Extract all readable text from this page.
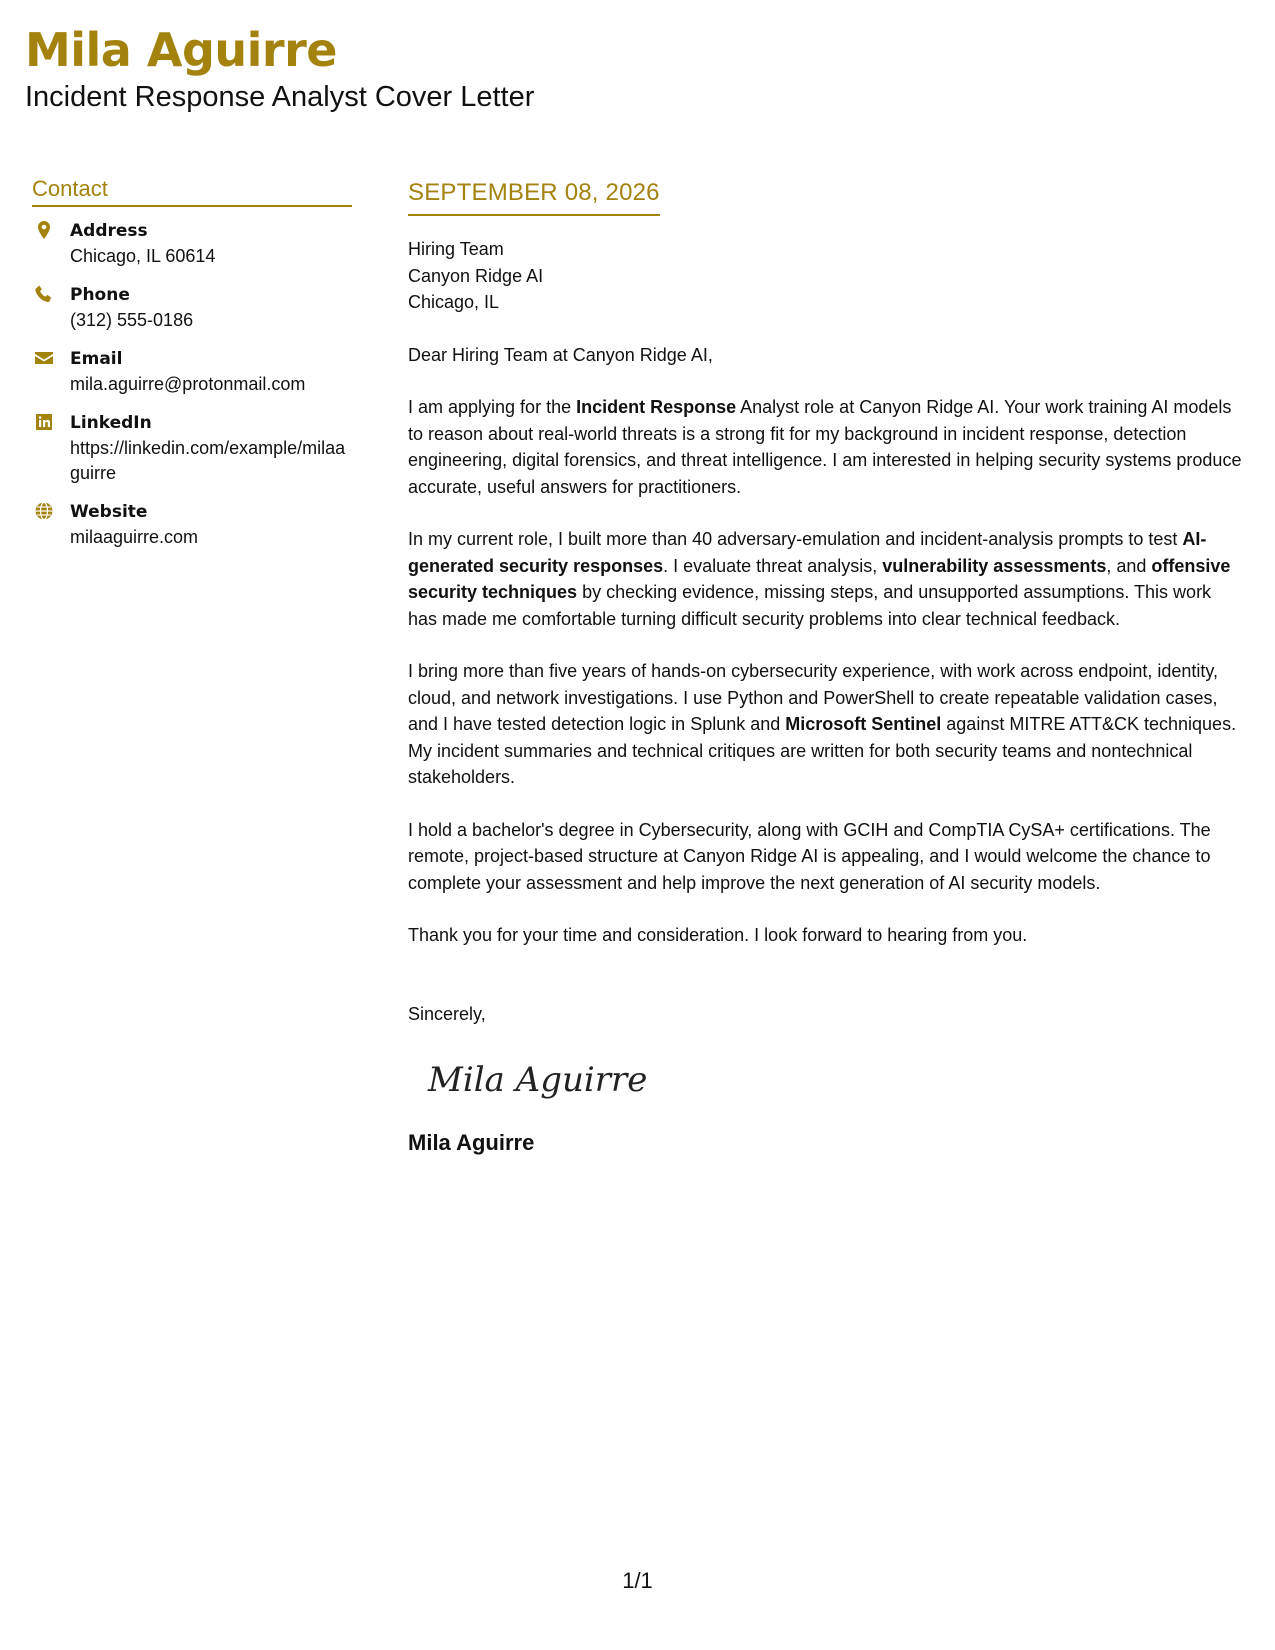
Mila Aguirre
Incident Response Analyst Cover Letter
Contact
Address
Chicago, IL 60614
Phone
(312) 555-0186
Email
mila.aguirre@protonmail.com
LinkedIn
https://linkedin.com/example/milaaguirre
Website
milaaguirre.com
SEPTEMBER 08, 2026
Hiring Team
Canyon Ridge AI
Chicago, IL

Dear Hiring Team at Canyon Ridge AI,

I am applying for the Incident Response Analyst role at Canyon Ridge AI. Your work training AI models to reason about real-world threats is a strong fit for my background in incident response, detection engineering, digital forensics, and threat intelligence. I am interested in helping security systems produce accurate, useful answers for practitioners.

In my current role, I built more than 40 adversary-emulation and incident-analysis prompts to test AI-generated security responses. I evaluate threat analysis, vulnerability assessments, and offensive security techniques by checking evidence, missing steps, and unsupported assumptions. This work has made me comfortable turning difficult security problems into clear technical feedback.

I bring more than five years of hands-on cybersecurity experience, with work across endpoint, identity, cloud, and network investigations. I use Python and PowerShell to create repeatable validation cases, and I have tested detection logic in Splunk and Microsoft Sentinel against MITRE ATT&CK techniques. My incident summaries and technical critiques are written for both security teams and nontechnical stakeholders.

I hold a bachelor's degree in Cybersecurity, along with GCIH and CompTIA CySA+ certifications. The remote, project-based structure at Canyon Ridge AI is appealing, and I would welcome the chance to complete your assessment and help improve the next generation of AI security models.

Thank you for your time and consideration. I look forward to hearing from you.

Sincerely,
Mila Aguirre
Mila Aguirre
1/1
